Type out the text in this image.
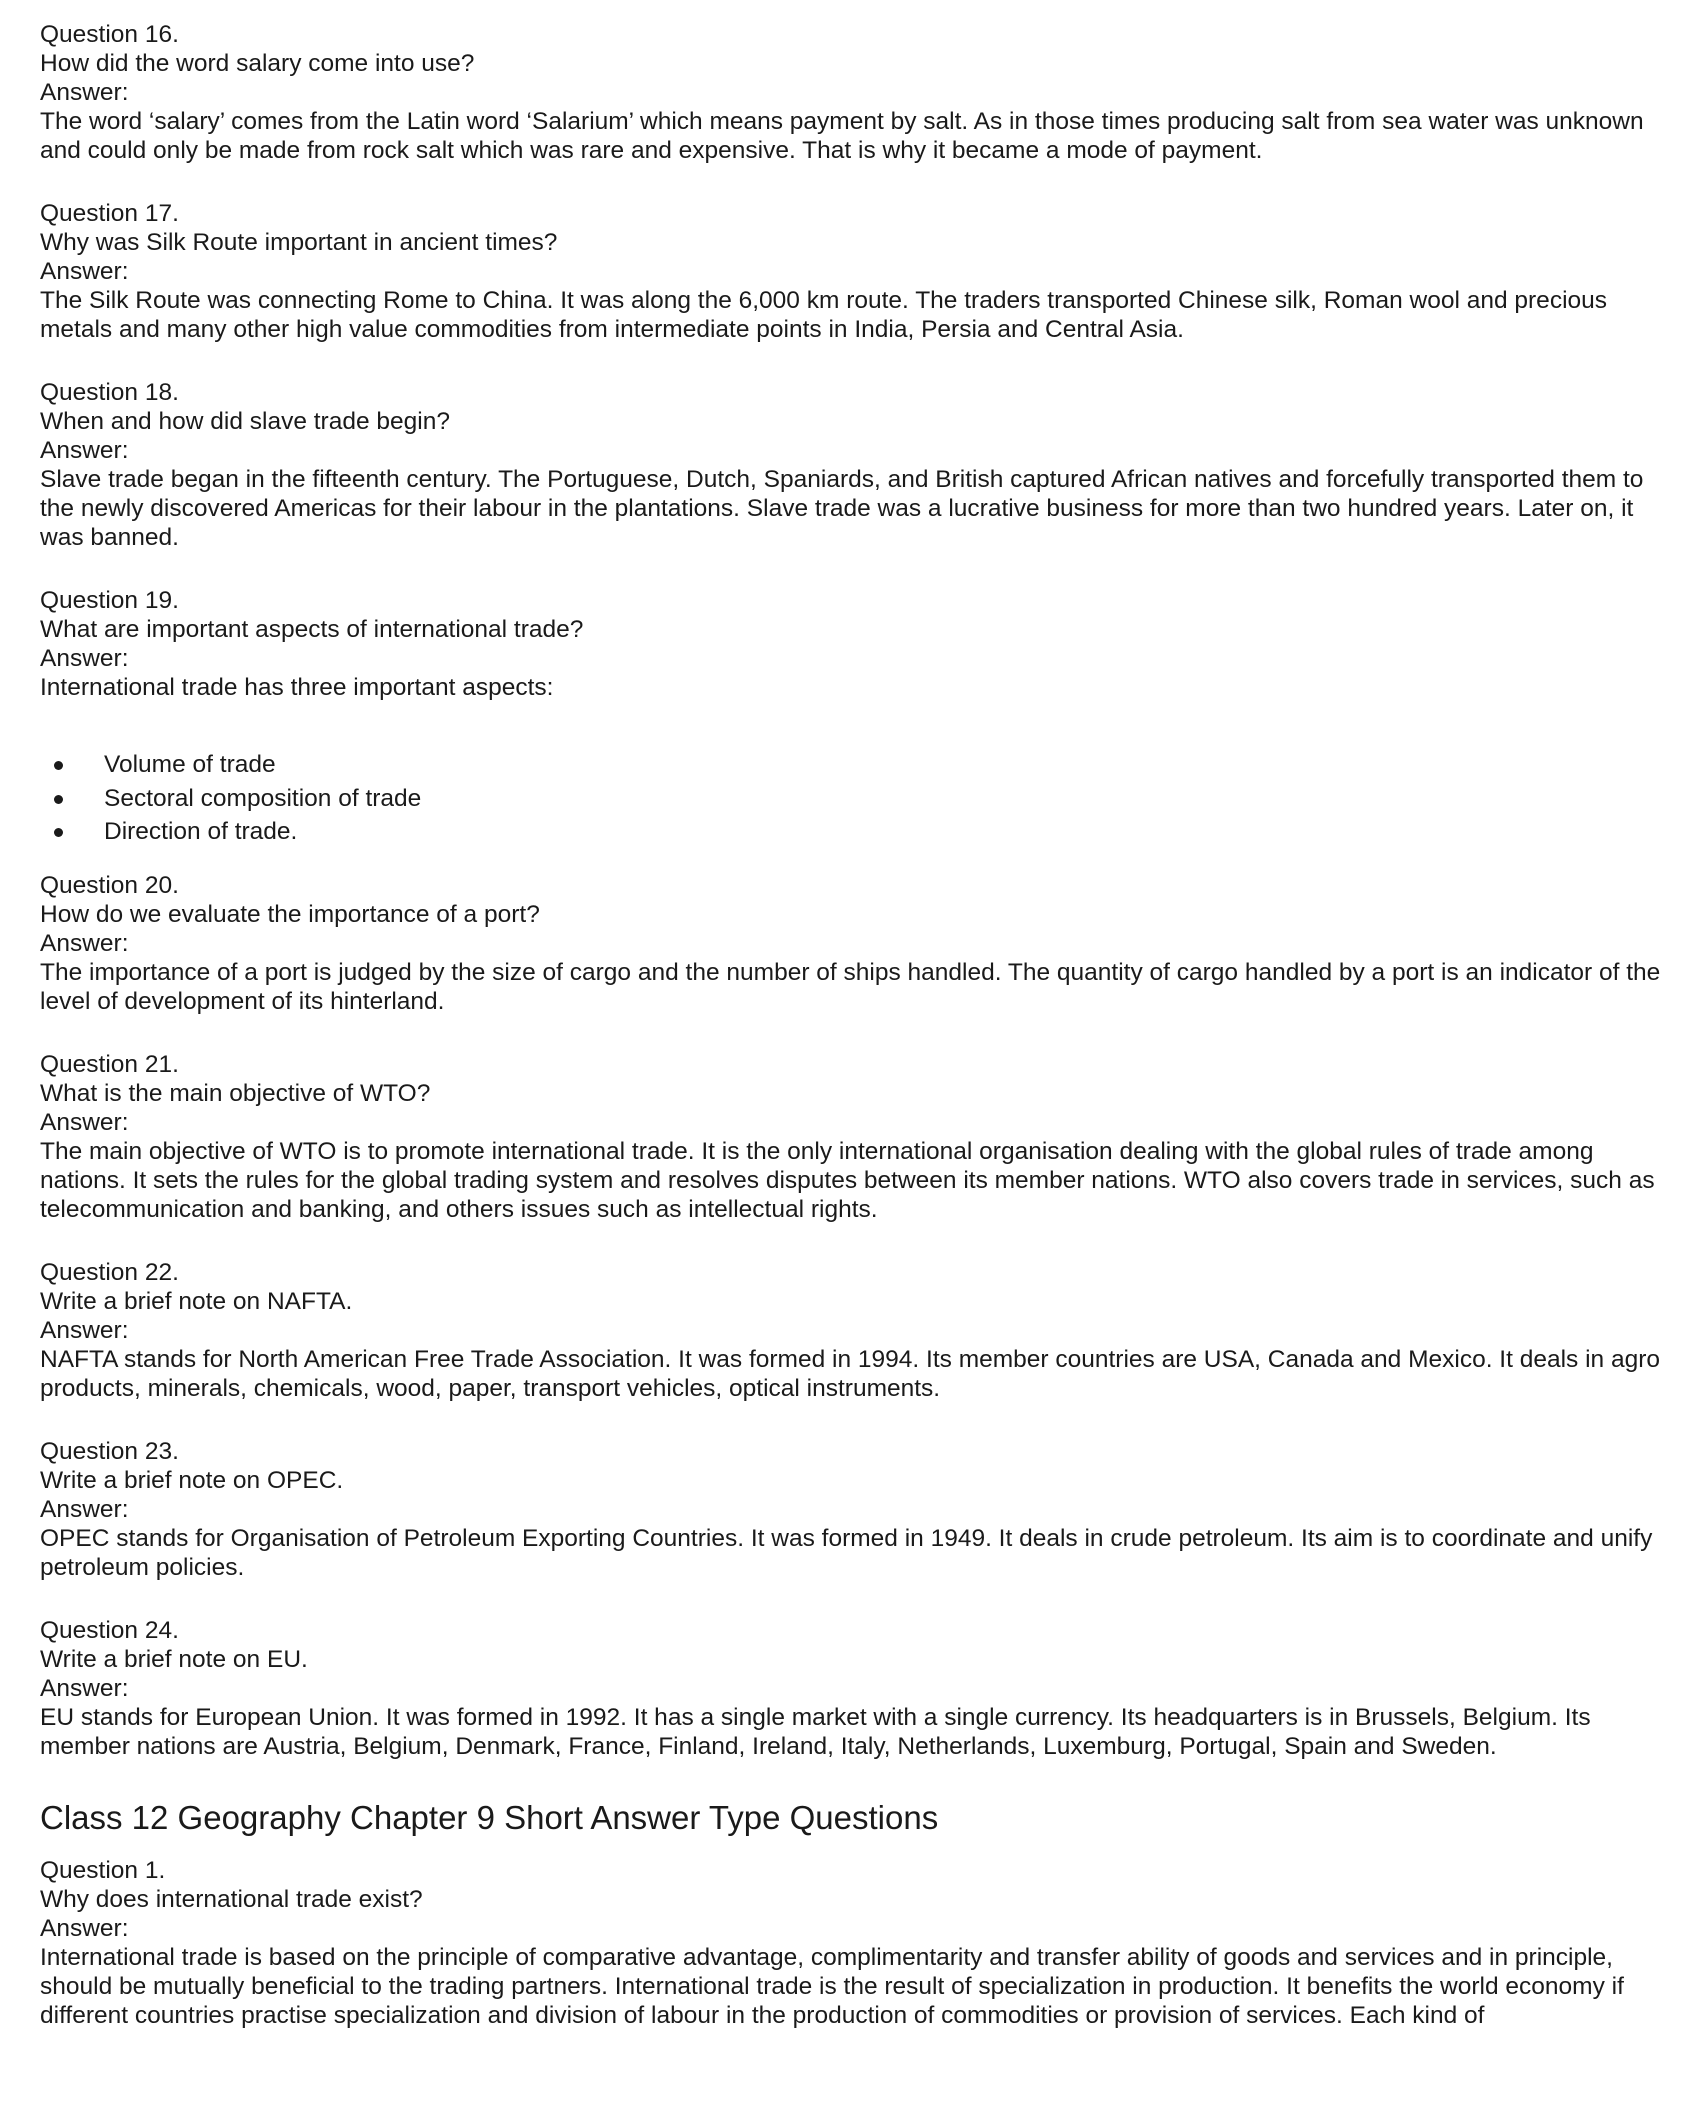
Question 16.

How did the word salary come into use?

Answer:

The word ‘salary’ comes from the Latin word ‘Salarium’ which means payment by salt. As in those times producing salt from sea water was unknown and could only be made from rock salt which was rare and expensive. That is why it became a mode of payment.

Question 17.

Why was Silk Route important in ancient times?

Answer:

The Silk Route was connecting Rome to China. It was along the 6,000 km route. The traders transported Chinese silk, Roman wool and precious metals and many other high value commodities from intermediate points in India, Persia and Central Asia.

Question 18.

When and how did slave trade begin?

Answer:

Slave trade began in the fifteenth century. The Portuguese, Dutch, Spaniards, and British captured African natives and forcefully transported them to the newly discovered Americas for their labour in the plantations. Slave trade was a lucrative business for more than two hundred years. Later on, it was banned.

Question 19.

What are important aspects of international trade?

Answer:

International trade has three important aspects:

Volume of trade
Sectoral composition of trade
Direction of trade.

Question 20.

How do we evaluate the importance of a port?

Answer:

The importance of a port is judged by the size of cargo and the number of ships handled. The quantity of cargo handled by a port is an indicator of the level of development of its hinterland.

Question 21.

What is the main objective of WTO?

Answer:

The main objective of WTO is to promote international trade. It is the only international organisation dealing with the global rules of trade among nations. It sets the rules for the global trading system and resolves disputes between its member nations. WTO also covers trade in services, such as telecommunication and banking, and others issues such as intellectual rights.

Question 22.

Write a brief note on NAFTA.

Answer:

NAFTA stands for North American Free Trade Association. It was formed in 1994. Its member countries are USA, Canada and Mexico. It deals in agro products, minerals, chemicals, wood, paper, transport vehicles, optical instruments.

Question 23.

Write a brief note on OPEC.

Answer:

OPEC stands for Organisation of Petroleum Exporting Countries. It was formed in 1949. It deals in crude petroleum. Its aim is to coordinate and unify petroleum policies.

Question 24.

Write a brief note on EU.

Answer:

EU stands for European Union. It was formed in 1992. It has a single market with a single currency. Its headquarters is in Brussels, Belgium. Its member nations are Austria, Belgium, Denmark, France, Finland, Ireland, Italy, Netherlands, Luxemburg, Portugal, Spain and Sweden.

Class 12 Geography Chapter 9 Short Answer Type Questions

Question 1.

Why does international trade exist?

Answer:

International trade is based on the principle of comparative advantage, complimentarity and transfer ability of goods and services and in principle, should be mutually beneficial to the trading partners. International trade is the result of specialization in production. It benefits the world economy if different countries practise specialization and division of labour in the production of commodities or provision of services. Each kind of
